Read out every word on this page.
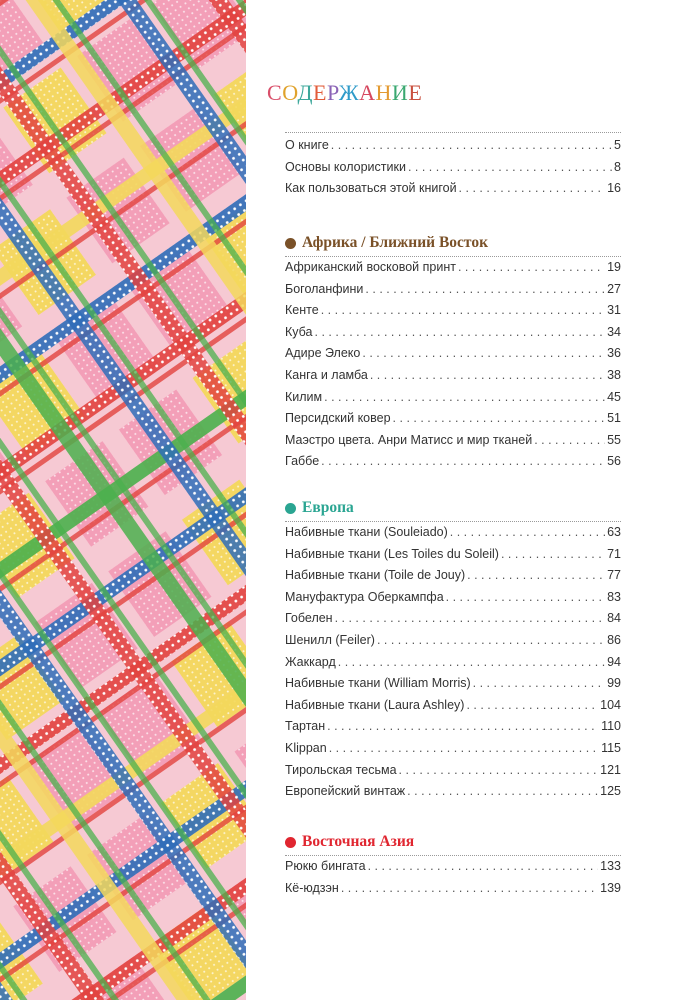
СОДЕРЖАНИЕ
О книге . . .	5
Основы колористики . . .	8
Как пользоваться этой книгой . . .	16
Африка / Ближний Восток
Африканский восковой принт . . .	19
Боголанфини . . .	27
Кенте . . .	31
Куба . . .	34
Адире Элеко . . .	36
Канга и ламба . . .	38
Килим . . .	45
Персидский ковер . . .	51
Маэстро цвета. Анри Матисс и мир тканей . . .	55
Габбе . . .	56
Европа
Набивные ткани (Souleiado) . . .	63
Набивные ткани (Les Toiles du Soleil) . . .	71
Набивные ткани (Toile de Jouy) . . .	77
Мануфактура Оберкампфа . . .	83
Гобелен . . .	84
Шенилл (Feiler) . . .	86
Жаккард . . .	94
Набивные ткани (William Morris) . . .	99
Набивные ткани (Laura Ashley) . . .	104
Тартан . . .	110
Klippan . . .	115
Тирольская тесьма . . .	121
Европейский винтаж . . .	125
Восточная Азия
Рюкю бингата . . .	133
Кё-юдзэн . . .	139
